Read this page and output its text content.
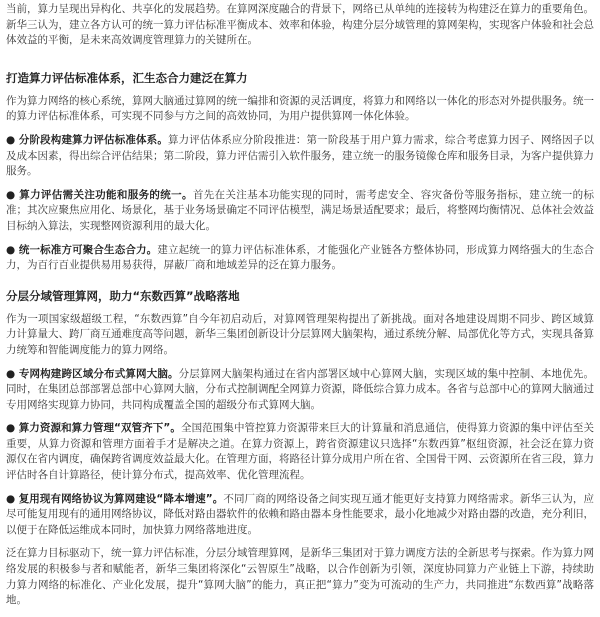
当前，算力呈现出异构化、共享化的发展趋势。在算网深度融合的背景下，网络已从单纯的连接转为构建泛在算力的重要角色。新华三认为，建立各方认可的统一算力评估标准平衡成本、效率和体验，构建分层分域管理的算网架构，实现客户体验和社会总体效益的平衡，是未来高效调度管理算力的关键所在。

打造算力评估标准体系，汇生态合力建泛在算力

作为算力网络的核心系统，算网大脑通过算网的统一编排和资源的灵活调度，将算力和网络以一体化的形态对外提供服务。统一的算力评估标准体系，可实现不同参与方之间的高效协同，为用户提供算网一体化体验。

● 分阶段构建算力评估标准体系。算力评估体系应分阶段推进：第一阶段基于用户算力需求，综合考虑算力因子、网络因子以及成本因素，得出综合评估结果；第二阶段，算力评估需引入软件服务，建立统一的服务镜像仓库和服务目录，为客户提供算力服务。

● 算力评估需关注功能和服务的统一。首先在关注基本功能实现的同时，需考虑安全、容灾备份等服务指标，建立统一的标准；其次应聚焦应用化、场景化，基于业务场景确定不同评估模型，满足场景适配要求；最后，将整网均衡情况、总体社会效益目标纳入算法，实现整网资源利用的最大化。

● 统一标准方可聚合生态合力。建立起统一的算力评估标准体系，才能强化产业链各方整体协同，形成算力网络强大的生态合力，为百行百业提供易用易获得，屏蔽厂商和地域差异的泛在算力服务。

分层分域管理算网，助力“东数西算”战略落地

作为一项国家级超级工程，“东数西算”自今年初启动后，对算网管理架构提出了新挑战。面对各地建设周期不同步、跨区域算力计算量大、跨厂商互通难度高等问题，新华三集团创新设计分层算网大脑架构，通过系统分解、局部优化等方式，实现具备算力统筹和智能调度能力的算力网络。

● 专网构建跨区域分布式算网大脑。分层算网大脑架构通过在省内部署区域中心算网大脑，实现区域的集中控制、本地优先。同时，在集团总部部署总部中心算网大脑，分布式控制调配全网算力资源，降低综合算力成本。各省与总部中心的算网大脑通过专用网络实现算力协同，共同构成覆盖全国的超级分布式算网大脑。

● 算力资源和算力管理“双管齐下”。全国范围集中管控算力资源带来巨大的计算量和消息通信，使得算力资源的集中评估至关重要，从算力资源和管理方面着手才是解决之道。在算力资源上，跨省资源建议只选择“东数西算”枢纽资源，社会泛在算力资源仅在省内调度，确保跨省调度效益最大化。在管理方面，将路径计算分成用户所在省、全国骨干网、云资源所在省三段，算力评估时各自计算路径，使计算分布式，提高效率、优化管理流程。

● 复用现有网络协议为算网建设“降本增速”。不同厂商的网络设备之间实现互通才能更好支持算力网络需求。新华三认为，应尽可能复用现有的通用网络协议，降低对路由器软件的依赖和路由器本身性能要求，最小化地减少对路由器的改造，充分利旧，以便于在降低运维成本同时，加快算力网络落地进度。

泛在算力目标驱动下，统一算力评估标准，分层分域管理算网，是新华三集团对于算力调度方法的全新思考与探索。作为算力网络发展的积极参与者和赋能者，新华三集团将深化“云智原生”战略，以合作创新为引领，深度协同算力产业链上下游，持续助力算力网络的标准化、产业化发展，提升“算网大脑”的能力，真正把“算力”变为可流动的生产力，共同推进“东数西算”战略落地。
